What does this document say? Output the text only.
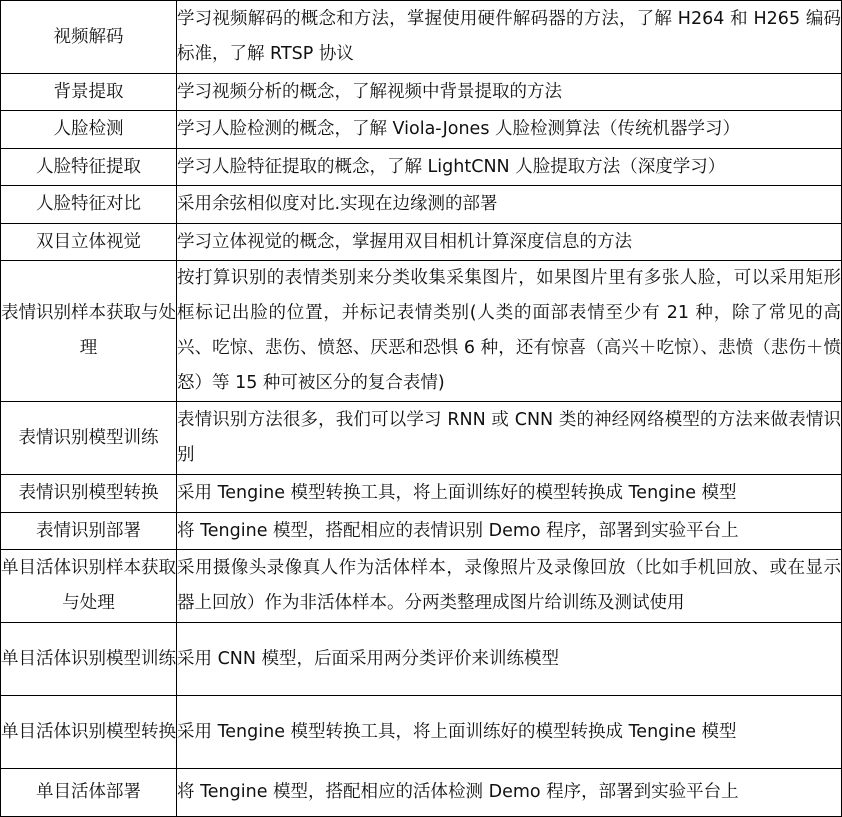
视频解码	学习视频解码的概念和方法，掌握使用硬件解码器的方法，了解 H264 和 H265 编码标准，了解 RTSP 协议
背景提取	学习视频分析的概念，了解视频中背景提取的方法
人脸检测	学习人脸检测的概念，了解 Viola-Jones 人脸检测算法（传统机器学习）
人脸特征提取	学习人脸特征提取的概念，了解 LightCNN 人脸提取方法（深度学习）
人脸特征对比	采用余弦相似度对比.实现在边缘测的部署
双目立体视觉	学习立体视觉的概念，掌握用双目相机计算深度信息的方法
表情识别样本获取与处理	按打算识别的表情类别来分类收集采集图片，如果图片里有多张人脸，可以采用矩形框标记出脸的位置，并标记表情类别(人类的面部表情至少有 21 种，除了常见的高兴、吃惊、悲伤、愤怒、厌恶和恐惧 6 种，还有惊喜（高兴＋吃惊）、悲愤（悲伤＋愤怒）等 15 种可被区分的复合表情)
表情识别模型训练	表情识别方法很多，我们可以学习 RNN 或 CNN 类的神经网络模型的方法来做表情识别
表情识别模型转换	采用 Tengine 模型转换工具，将上面训练好的模型转换成 Tengine 模型
表情识别部署	将 Tengine 模型，搭配相应的表情识别 Demo 程序，部署到实验平台上
单目活体识别样本获取与处理	采用摄像头录像真人作为活体样本，录像照片及录像回放（比如手机回放、或在显示器上回放）作为非活体样本。分两类整理成图片给训练及测试使用
单目活体识别模型训练	采用 CNN 模型，后面采用两分类评价来训练模型
单目活体识别模型转换	采用 Tengine 模型转换工具，将上面训练好的模型转换成 Tengine 模型
单目活体部署	将 Tengine 模型，搭配相应的活体检测 Demo 程序，部署到实验平台上
